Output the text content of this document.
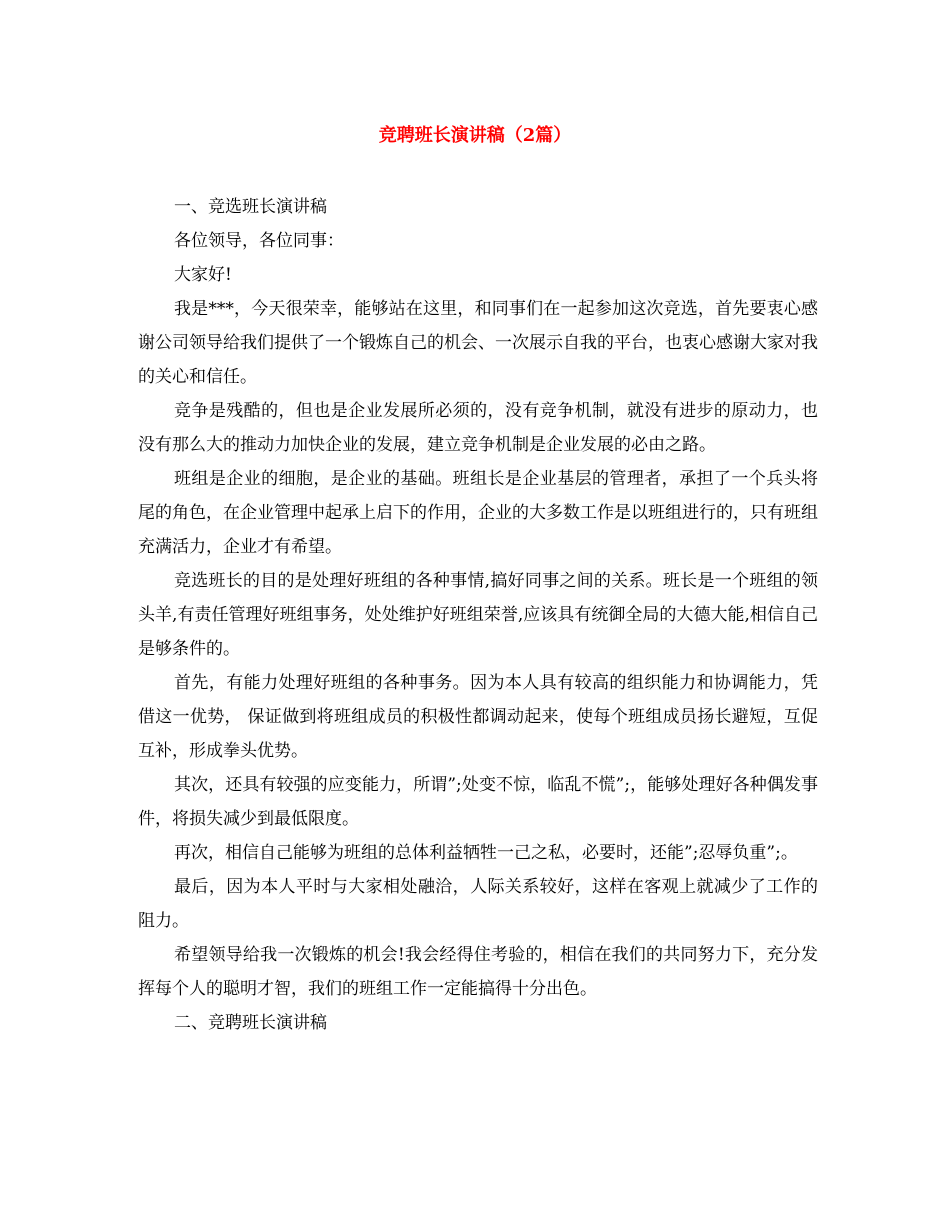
竞聘班长演讲稿（2篇）

一、竞选班长演讲稿

各位领导，各位同事：

大家好!

我是***，今天很荣幸，能够站在这里，和同事们在一起参加这次竞选，首先要衷心感谢公司领导给我们提供了一个锻炼自己的机会、一次展示自我的平台，也衷心感谢大家对我的关心和信任。

竞争是残酷的，但也是企业发展所必须的，没有竞争机制，就没有进步的原动力，也没有那么大的推动力加快企业的发展，建立竞争机制是企业发展的必由之路。

班组是企业的细胞，是企业的基础。班组长是企业基层的管理者，承担了一个兵头将尾的角色，在企业管理中起承上启下的作用，企业的大多数工作是以班组进行的，只有班组充满活力，企业才有希望。

竞选班长的目的是处理好班组的各种事情,搞好同事之间的关系。班长是一个班组的领头羊,有责任管理好班组事务，处处维护好班组荣誉,应该具有统御全局的大德大能,相信自己是够条件的。

首先，有能力处理好班组的各种事务。因为本人具有较高的组织能力和协调能力，凭借这一优势， 保证做到将班组成员的积极性都调动起来，使每个班组成员扬长避短，互促互补，形成拳头优势。

其次，还具有较强的应变能力，所谓”;处变不惊，临乱不慌”;，能够处理好各种偶发事件，将损失减少到最低限度。

再次，相信自己能够为班组的总体利益牺牲一己之私，必要时，还能”;忍辱负重”;。

最后，因为本人平时与大家相处融洽，人际关系较好，这样在客观上就减少了工作的阻力。

希望领导给我一次锻炼的机会!我会经得住考验的，相信在我们的共同努力下，充分发挥每个人的聪明才智，我们的班组工作一定能搞得十分出色。

二、竞聘班长演讲稿
